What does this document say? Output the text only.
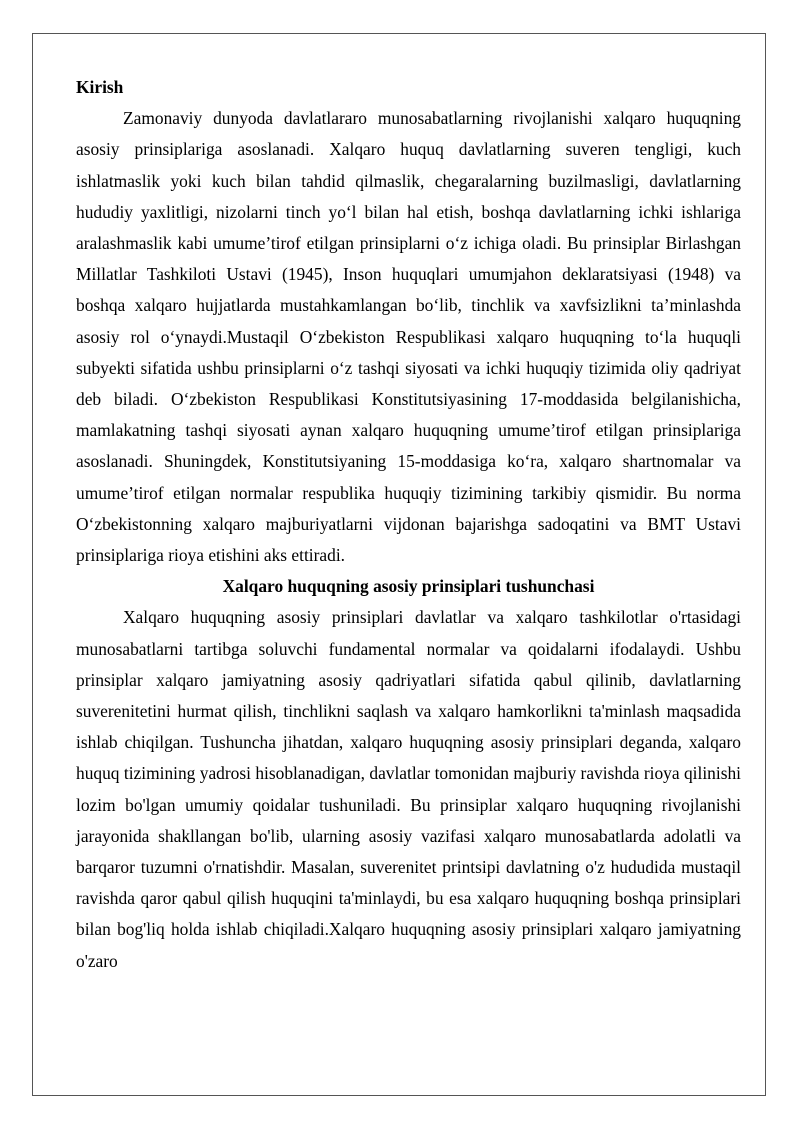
Kirish

Zamonaviy dunyoda davlatlararo munosabatlarning rivojlanishi xalqaro huquqning asosiy prinsiplariga asoslanadi. Xalqaro huquq davlatlarning suveren tengligi, kuch ishlatmaslik yoki kuch bilan tahdid qilmaslik, chegaralarning buzilmasligi, davlatlarning hududiy yaxlitligi, nizolarni tinch yo‘l bilan hal etish, boshqa davlatlarning ichki ishlariga aralashmaslik kabi umume’tirof etilgan prinsiplarni o‘z ichiga oladi. Bu prinsiplar Birlashgan Millatlar Tashkiloti Ustavi (1945), Inson huquqlari umumjahon deklaratsiyasi (1948) va boshqa xalqaro hujjatlarda mustahkamlangan bo‘lib, tinchlik va xavfsizlikni ta’minlashda asosiy rol o‘ynaydi.Mustaqil O‘zbekiston Respublikasi xalqaro huquqning to‘la huquqli subyekti sifatida ushbu prinsiplarni o‘z tashqi siyosati va ichki huquqiy tizimida oliy qadriyat deb biladi. O‘zbekiston Respublikasi Konstitutsiyasining 17-moddasida belgilanishicha, mamlakatning tashqi siyosati aynan xalqaro huquqning umume’tirof etilgan prinsiplariga asoslanadi. Shuningdek, Konstitutsiyaning 15-moddasiga ko‘ra, xalqaro shartnomalar va umume’tirof etilgan normalar respublika huquqiy tizimining tarkibiy qismidir. Bu norma O‘zbekistonning xalqaro majburiyatlarni vijdonan bajarishga sadoqatini va BMT Ustavi prinsiplariga rioya etishini aks ettiradi.

Xalqaro huquqning asosiy prinsiplari tushunchasi

Xalqaro huquqning asosiy prinsiplari davlatlar va xalqaro tashkilotlar o'rtasidagi munosabatlarni tartibga soluvchi fundamental normalar va qoidalarni ifodalaydi. Ushbu prinsiplar xalqaro jamiyatning asosiy qadriyatlari sifatida qabul qilinib, davlatlarning suverenitetini hurmat qilish, tinchlikni saqlash va xalqaro hamkorlikni ta'minlash maqsadida ishlab chiqilgan. Tushuncha jihatdan, xalqaro huquqning asosiy prinsiplari deganda, xalqaro huquq tizimining yadrosi hisoblanadigan, davlatlar tomonidan majburiy ravishda rioya qilinishi lozim bo'lgan umumiy qoidalar tushuniladi. Bu prinsiplar xalqaro huquqning rivojlanishi jarayonida shakllangan bo'lib, ularning asosiy vazifasi xalqaro munosabatlarda adolatli va barqaror tuzumni o'rnatishdir. Masalan, suverenitet printsipi davlatning o'z hududida mustaqil ravishda qaror qabul qilish huquqini ta'minlaydi, bu esa xalqaro huquqning boshqa prinsiplari bilan bog'liq holda ishlab chiqiladi.Xalqaro huquqning asosiy prinsiplari xalqaro jamiyatning o'zaro
